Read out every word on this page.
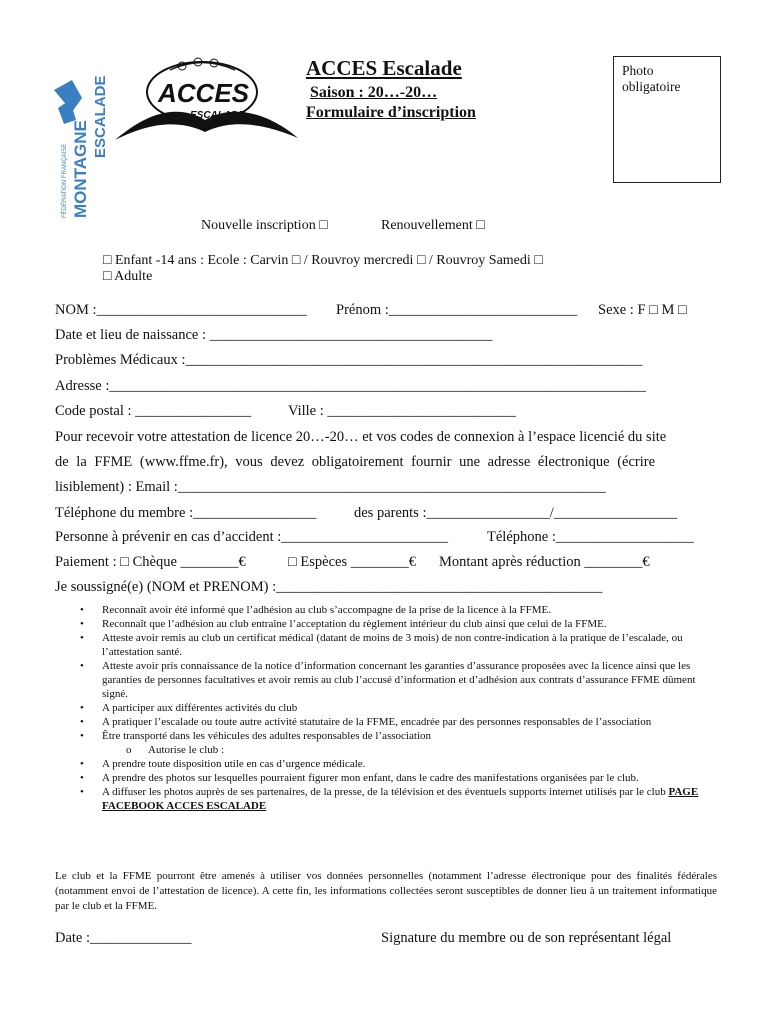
FÉDÉRATION FRANÇAISE MONTAGNE
ESCALADE ACCES
ESCALADE

ACCES Escalade

Saison : 20…-20…

Formulaire d’inscription

Photo
obligatoire
Nouvelle inscription □	Renouvellement □
□ Enfant -14 ans : Ecole : Carvin □ / Rouvroy mercredi □ / Rouvroy Samedi □
□ Adulte
NOM :_____________________________ Prénom :__________________________ Sexe : F □ M □
Date et lieu de naissance : _______________________________________
Problèmes Médicaux :_______________________________________________________________
Adresse :__________________________________________________________________________
Code postal : ________________	Ville : __________________________
Pour recevoir votre attestation de licence 20…-20… et vos codes de connexion à l’espace licencié du site
de la FFME (www.ffme.fr), vous devez obligatoirement fournir une adresse électronique (écrire
lisiblement) : Email :___________________________________________________________
Téléphone du membre :_________________	des parents :_________________/_________________
Personne à prévenir en cas d’accident :_______________________	Téléphone :___________________
Paiement : □ Chèque ________€	□ Espèces ________€ Montant après réduction ________€
Je soussigné(e) (NOM et PRENOM) :_____________________________________________
• Reconnaît avoir été informé que l’adhésion au club s’accompagne de la prise de la licence à la FFME.
• Reconnaît que l’adhésion au club entraîne l’acceptation du règlement intérieur du club ainsi que celui de la FFME.
• Atteste avoir remis au club un certificat médical (datant de moins de 3 mois) de non contre-indication à la pratique de l’escalade, ou l’attestation santé.
• Atteste avoir pris connaissance de la notice d’information concernant les garanties d’assurance proposées avec la licence ainsi que les garanties de personnes facultatives et avoir remis au club l’accusé d’information et d’adhésion aux contrats d’assurance FFME dûment signé.
• A participer aux différentes activités du club
• A pratiquer l’escalade ou toute autre activité statutaire de la FFME, encadrée par des personnes responsables de l’association
• Être transporté dans les véhicules des adultes responsables de l’association
o Autorise le club :
• A prendre toute disposition utile en cas d’urgence médicale.
• A prendre des photos sur lesquelles pourraient figurer mon enfant, dans le cadre des manifestations organisées par le club.
• A diffuser les photos auprès de ses partenaires, de la presse, de la télévision et des éventuels supports internet utilisés par le club PAGE FACEBOOK ACCES ESCALADE
Le club et la FFME pourront être amenés à utiliser vos données personnelles (notamment l’adresse électronique pour des finalités fédérales (notamment envoi de l’attestation de licence). A cette fin, les informations collectées seront susceptibles de donner lieu à un traitement informatique par le club et la FFME.
Date :______________	Signature du membre ou de son représentant légal
